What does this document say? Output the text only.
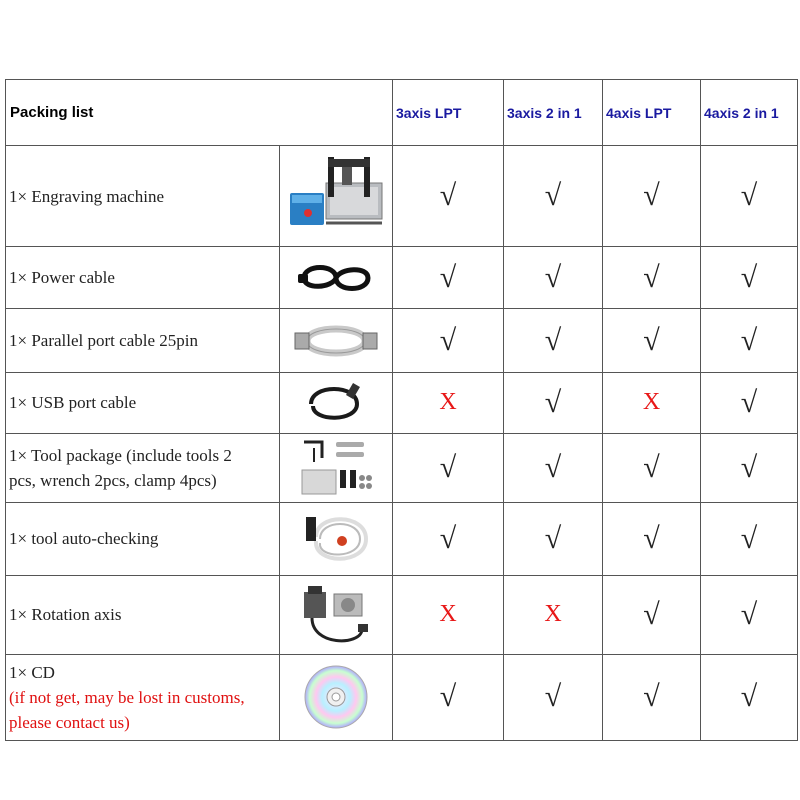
Packing list		3axis LPT	3axis 2 in 1	4axis LPT	4axis 2 in 1
1× Engraving machine		√	√	√	√
1× Power cable		√	√	√	√
1× Parallel port cable 25pin		√	√	√	√
1× USB port cable		X	√	X	√

1× Tool package (include tools 2
pcs, wrench 2pcs, clamp 4pcs)		√	√	√	√
1× tool auto-checking		√	√	√	√
1× Rotation axis		X	X	√	√

1× CD
(if not get, may be lost in customs,
please contact us)		√	√	√	√
